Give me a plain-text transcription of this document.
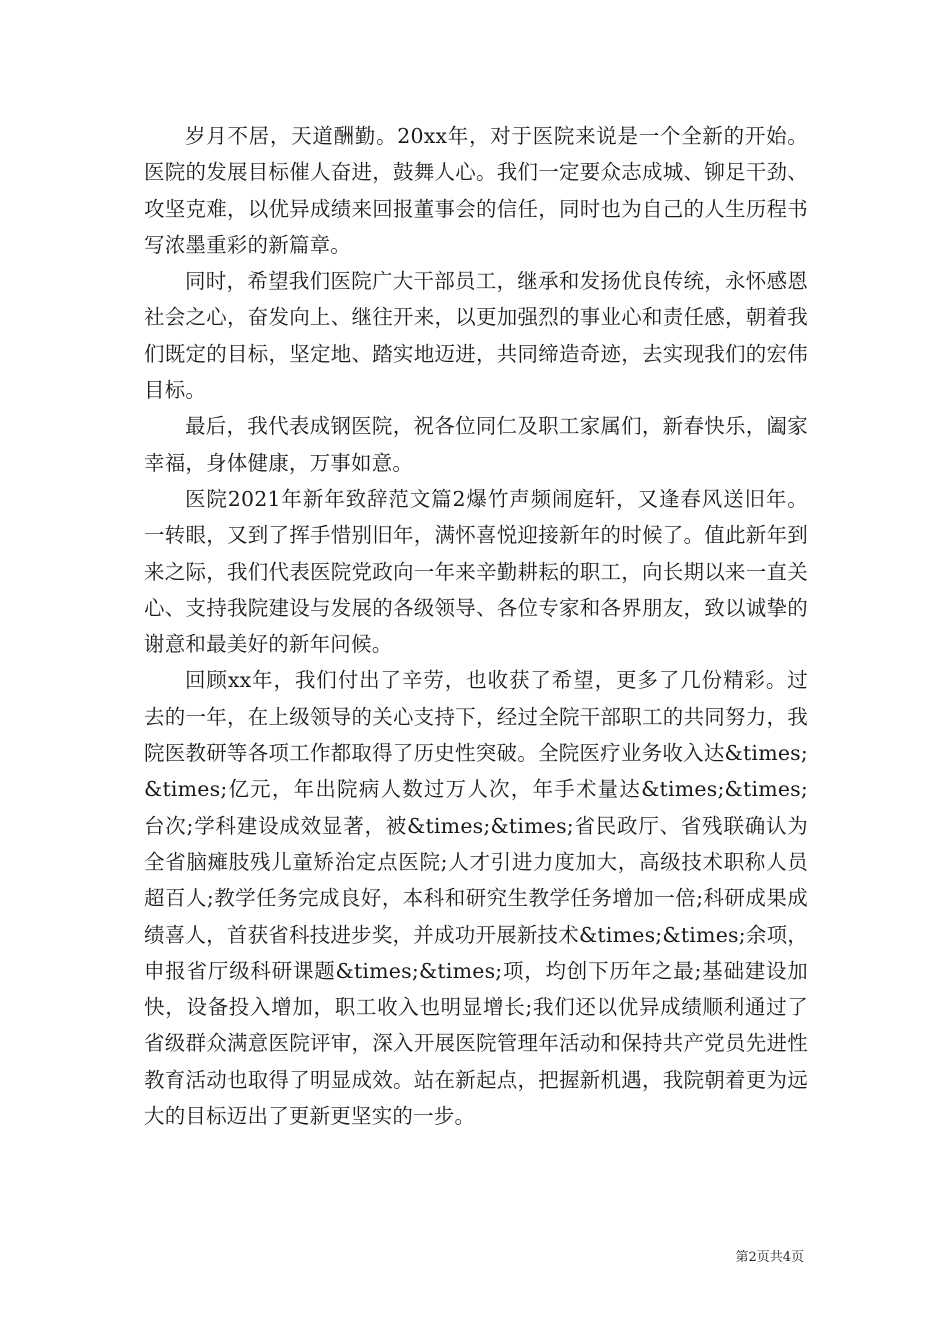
岁月不居，天道酬勤。20xx年，对于医院来说是一个全新的开始。医院的发展目标催人奋进，鼓舞人心。我们一定要众志成城、铆足干劲、攻坚克难，以优异成绩来回报董事会的信任，同时也为自己的人生历程书写浓墨重彩的新篇章。

同时，希望我们医院广大干部员工，继承和发扬优良传统，永怀感恩社会之心，奋发向上、继往开来，以更加强烈的事业心和责任感，朝着我们既定的目标，坚定地、踏实地迈进，共同缔造奇迹，去实现我们的宏伟目标。

最后，我代表成钢医院，祝各位同仁及职工家属们，新春快乐，阖家幸福，身体健康，万事如意。

医院2021年新年致辞范文篇2爆竹声频闹庭轩，又逢春风送旧年。一转眼，又到了挥手惜别旧年，满怀喜悦迎接新年的时候了。值此新年到来之际，我们代表医院党政向一年来辛勤耕耘的职工，向长期以来一直关心、支持我院建设与发展的各级领导、各位专家和各界朋友，致以诚挚的谢意和最美好的新年问候。

回顾xx年，我们付出了辛劳，也收获了希望，更多了几份精彩。过去的一年，在上级领导的关心支持下，经过全院干部职工的共同努力，我院医教研等各项工作都取得了历史性突破。全院医疗业务收入达&times;&times;亿元，年出院病人数过万人次，年手术量达&times;&times;台次;学科建设成效显著，被&times;&times;省民政厅、省残联确认为全省脑瘫肢残儿童矫治定点医院;人才引进力度加大，高级技术职称人员超百人;教学任务完成良好，本科和研究生教学任务增加一倍;科研成果成绩喜人，首获省科技进步奖，并成功开展新技术&times;&times;余项，申报省厅级科研课题&times;&times;项，均创下历年之最;基础建设加快，设备投入增加，职工收入也明显增长;我们还以优异成绩顺利通过了省级群众满意医院评审，深入开展医院管理年活动和保持共产党员先进性教育活动也取得了明显成效。站在新起点，把握新机遇，我院朝着更为远大的目标迈出了更新更坚实的一步。

第2页共4页
